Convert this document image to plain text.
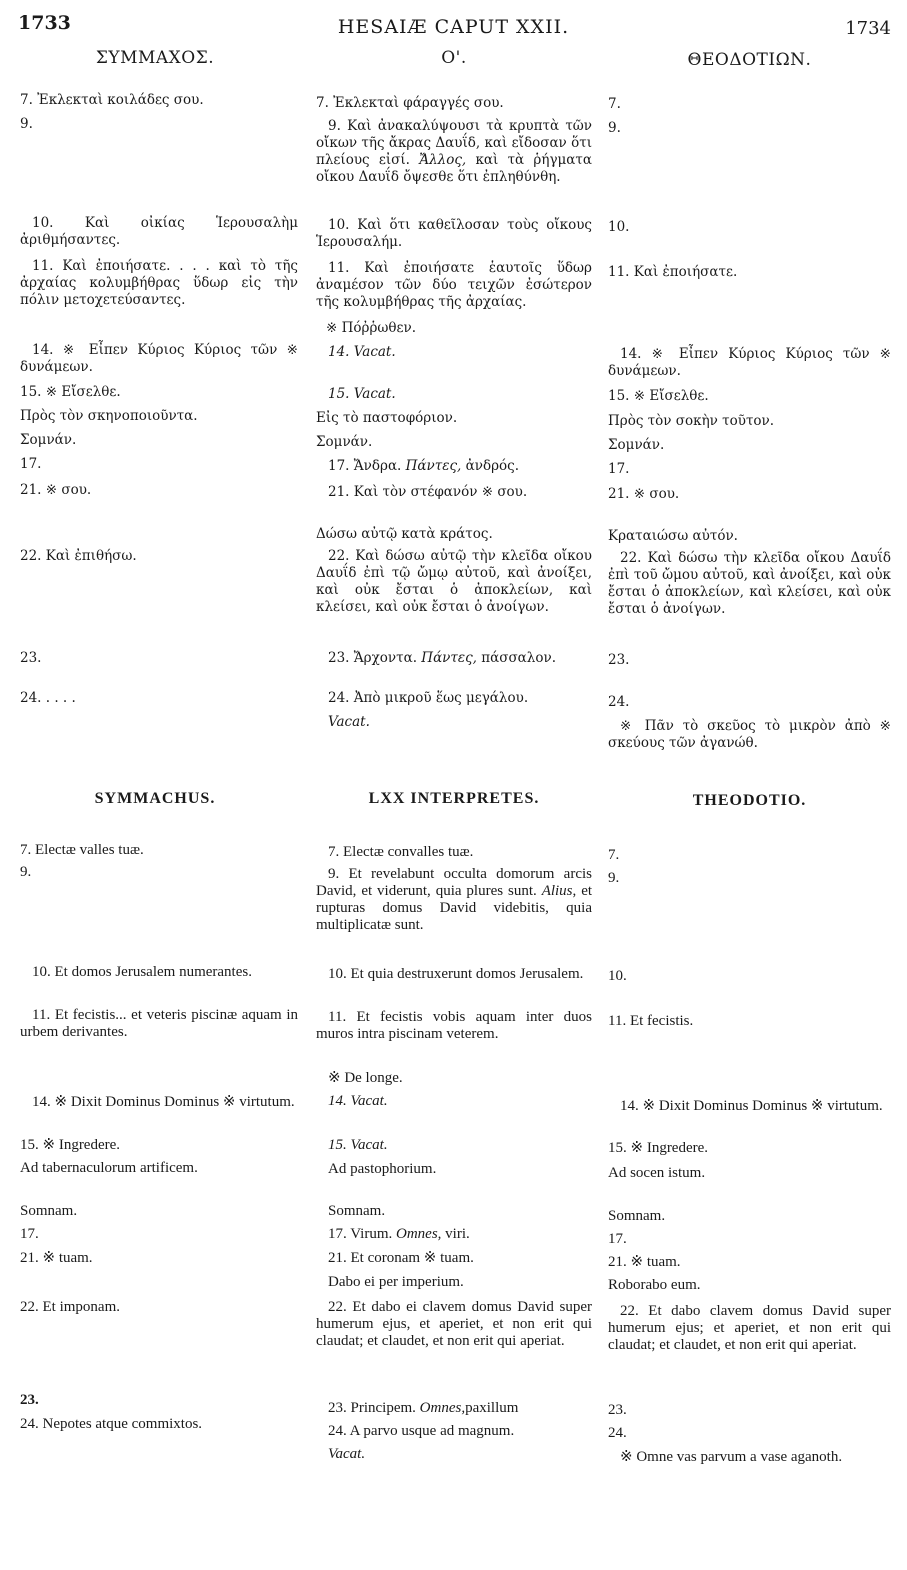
1733	HESAIÆ CAPUT XXII.	1734
ΣΥΜΜΑΧΟΣ.	Ο'.	ΘΕΟΔΟΤΙΩΝ.
7. Ἐκλεκταὶ κοιλάδες σου.
9.
10. Καὶ οἰκίας Ἱερουσαλὴμ ἀριθμήσαντες.
11. Καὶ ἐποιήσατε. . . . καὶ τὸ τῆς ἀρχαίας κολυμβήθρας ὕδωρ εἰς τὴν πόλιν μετοχετεύσαντες.
14. ※ Εἶπεν Κύριος Κύριος τῶν ※ δυνάμεων.
15. ※ Εἴσελθε.
Πρὸς τὸν σκηνοποιοῦντα.
Σομνάν.
17.
21. ※ σου.
22. Καὶ ἐπιθήσω.
23.
24. . . . .
7. Ἐκλεκταὶ φάραγγές σου.
9. Καὶ ἀνακαλύψουσι τὰ κρυπτὰ τῶν οἴκων τῆς ἄκρας Δαυΐδ, καὶ εἴδοσαν ὅτι πλείους εἰσί. Ἄλλος, καὶ τὰ ῥήγματα οἴκου Δαυΐδ ὄψεσθε ὅτι ἐπληθύνθη.
10. Καὶ ὅτι καθεῖλοσαν τοὺς οἴκους Ἱερουσαλήμ.
11. Καὶ ἐποιήσατε ἑαυτοῖς ὕδωρ ἀναμέσον τῶν δύο τειχῶν ἐσώτερον τῆς κολυμβήθρας τῆς ἀρχαίας.
※ Πόῤῥωθεν.
14. Vacat.
15. Vacat.
Εἰς τὸ παστοφόριον.
Σομνάν.
17. Ἄνδρα. Πάντες, ἀνδρός.
21. Καὶ τὸν στέφανόν ※ σου.
Δώσω αὐτῷ κατὰ κράτος.
22. Καὶ δώσω αὐτῷ τὴν κλεῖδα οἴκου Δαυΐδ ἐπὶ τῷ ὤμῳ αὐτοῦ, καὶ ἀνοίξει, καὶ οὐκ ἔσται ὁ ἀποκλείων, καὶ κλείσει, καὶ οὐκ ἔσται ὁ ἀνοίγων.
23. Ἄρχοντα. Πάντες, πάσσαλον.
24. Ἀπὸ μικροῦ ἕως μεγάλου.
Vacat.
7.
9.
10.
11. Καὶ ἐποιήσατε.
14. ※ Εἶπεν Κύριος Κύριος τῶν ※ δυνάμεων.
15. ※ Εἴσελθε.
Πρὸς τὸν σοκὴν τοῦτον.
Σομνάν.
17.
21. ※ σου.
Κραταιώσω αὐτόν.
22. Καὶ δώσω τὴν κλεῖδα οἴκου Δαυΐδ ἐπὶ τοῦ ὤμου αὐτοῦ, καὶ ἀνοίξει, καὶ οὐκ ἔσται ὁ ἀποκλείων, καὶ κλείσει, καὶ οὐκ ἔσται ὁ ἀνοίγων.
23.
24.
※ Πᾶν τὸ σκεῦος τὸ μικρὸν ἀπὸ ※ σκεύους τῶν ἀγανώθ.
SYMMACHUS.	LXX INTERPRETES.	THEODOTIO.
7. Electæ valles tuæ.
9.
10. Et domos Jerusalem numerantes.
11. Et fecistis... et veteris piscinæ aquam in urbem derivantes.
14. ※ Dixit Dominus Dominus ※ virtutum.
15. ※ Ingredere.
Ad tabernaculorum artificem.
Somnam.
17.
21. ※ tuam.
22. Et imponam.
23.
24. Nepotes atque commixtos.
7. Electæ convalles tuæ.
9. Et revelabunt occulta domorum arcis David, et viderunt, quia plures sunt. Alius, et rupturas domus David videbitis, quia multiplicatæ sunt.
10. Et quia destruxerunt domos Jerusalem.
11. Et fecistis vobis aquam inter duos muros intra piscinam veterem.
※ De longe.
14. Vacat.
15. Vacat.
Ad pastophorium.
Somnam.
17. Virum. Omnes, viri.
21. Et coronam ※ tuam.
Dabo ei per imperium.
22. Et dabo ei clavem domus David super humerum ejus, et aperiet, et non erit qui claudat; et claudet, et non erit qui aperiat.
23. Principem. Omnes,paxillum
24. A parvo usque ad magnum.
Vacat.
7.
9.
10.
11. Et fecistis.
14. ※ Dixit Dominus Dominus ※ virtutum.
15. ※ Ingredere.
Ad socen istum.
Somnam.
17.
21. ※ tuam.
Roborabo eum.
22. Et dabo clavem domus David super humerum ejus; et aperiet, et non erit qui claudat; et claudet, et non erit qui aperiat.
23.
24.
※ Omne vas parvum a vase aganoth.
